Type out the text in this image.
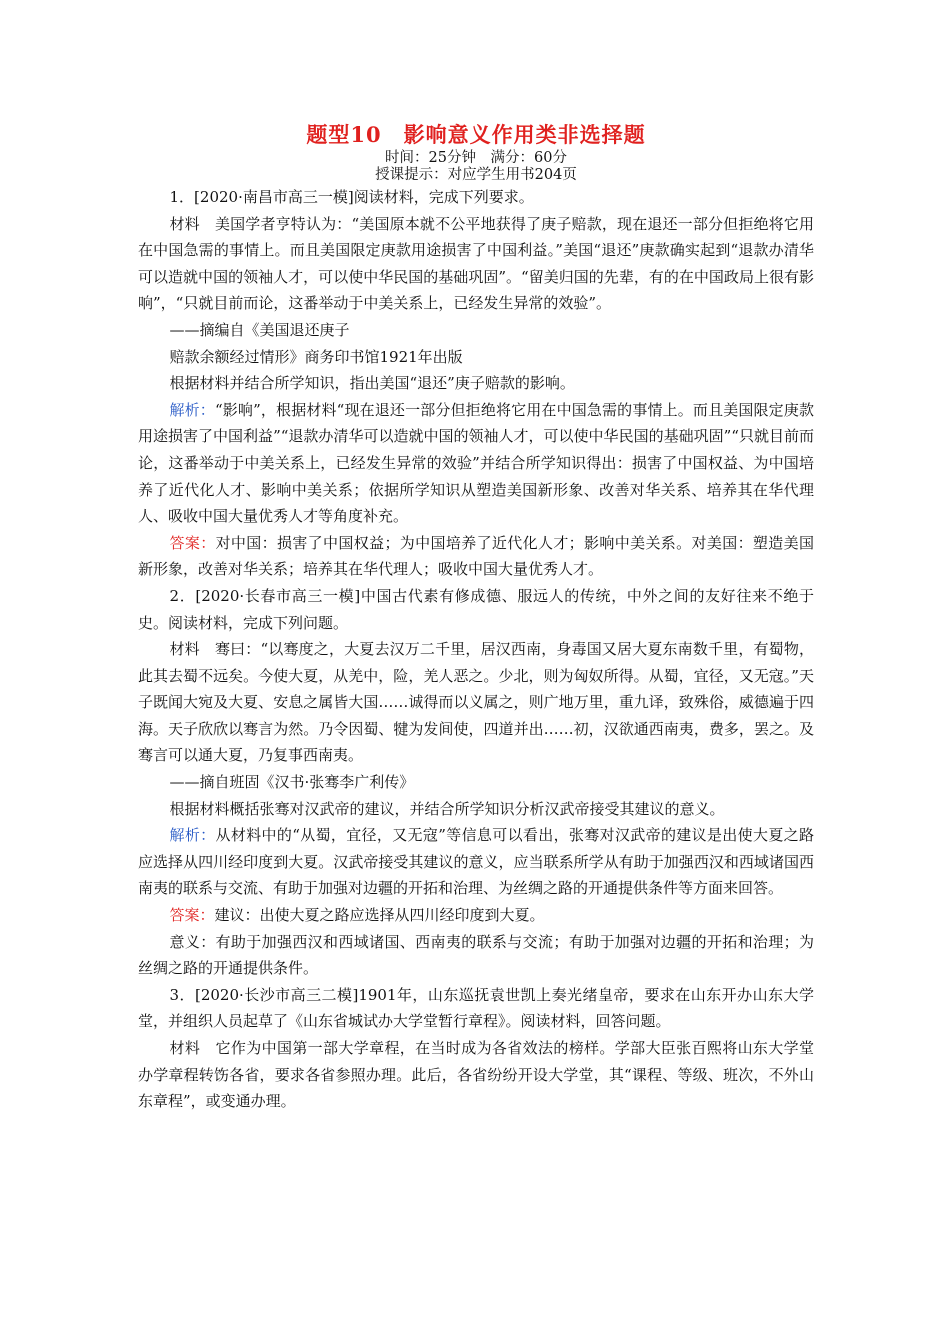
题型10　影响意义作用类非选择题

时间：25分钟　满分：60分

授课提示：对应学生用书204页

1．[2020·南昌市高三一模]阅读材料，完成下列要求。

材料　美国学者亨特认为：“美国原本就不公平地获得了庚子赔款，现在退还一部分但拒绝将它用在中国急需的事情上。而且美国限定庚款用途损害了中国利益。”美国“退还”庚款确实起到“退款办清华可以造就中国的领袖人才，可以使中华民国的基础巩固”。“留美归国的先辈，有的在中国政局上很有影响”，“只就目前而论，这番举动于中美关系上，已经发生异常的效验”。

——摘编自《美国退还庚子

赔款余额经过情形》商务印书馆1921年出版

根据材料并结合所学知识，指出美国“退还”庚子赔款的影响。

解析：“影响”，根据材料“现在退还一部分但拒绝将它用在中国急需的事情上。而且美国限定庚款用途损害了中国利益”“退款办清华可以造就中国的领袖人才，可以使中华民国的基础巩固”“只就目前而论，这番举动于中美关系上，已经发生异常的效验”并结合所学知识得出：损害了中国权益、为中国培养了近代化人才、影响中美关系；依据所学知识从塑造美国新形象、改善对华关系、培养其在华代理人、吸收中国大量优秀人才等角度补充。

答案：对中国：损害了中国权益；为中国培养了近代化人才；影响中美关系。对美国：塑造美国新形象，改善对华关系；培养其在华代理人；吸收中国大量优秀人才。

2．[2020·长春市高三一模]中国古代素有修成德、服远人的传统，中外之间的友好往来不绝于史。阅读材料，完成下列问题。

材料　骞曰：“以骞度之，大夏去汉万二千里，居汉西南，身毒国又居大夏东南数千里，有蜀物，此其去蜀不远矣。今使大夏，从羌中，险，羌人恶之。少北，则为匈奴所得。从蜀，宜径，又无寇。”天子既闻大宛及大夏、安息之属皆大国……诚得而以义属之，则广地万里，重九译，致殊俗，威德遍于四海。天子欣欣以骞言为然。乃令因蜀、犍为发间使，四道并出……初，汉欲通西南夷，费多，罢之。及骞言可以通大夏，乃复事西南夷。

——摘自班固《汉书·张骞李广利传》

根据材料概括张骞对汉武帝的建议，并结合所学知识分析汉武帝接受其建议的意义。

解析：从材料中的“从蜀，宜径，又无寇”等信息可以看出，张骞对汉武帝的建议是出使大夏之路应选择从四川经印度到大夏。汉武帝接受其建议的意义，应当联系所学从有助于加强西汉和西域诸国西南夷的联系与交流、有助于加强对边疆的开拓和治理、为丝绸之路的开通提供条件等方面来回答。

答案：建议：出使大夏之路应选择从四川经印度到大夏。

意义：有助于加强西汉和西域诸国、西南夷的联系与交流；有助于加强对边疆的开拓和治理；为丝绸之路的开通提供条件。

3．[2020·长沙市高三二模]1901年，山东巡抚袁世凯上奏光绪皇帝，要求在山东开办山东大学堂，并组织人员起草了《山东省城试办大学堂暂行章程》。阅读材料，回答问题。

材料　它作为中国第一部大学章程，在当时成为各省效法的榜样。学部大臣张百熙将山东大学堂办学章程转饬各省，要求各省参照办理。此后，各省纷纷开设大学堂，其“课程、等级、班次，不外山东章程”，或变通办理。
